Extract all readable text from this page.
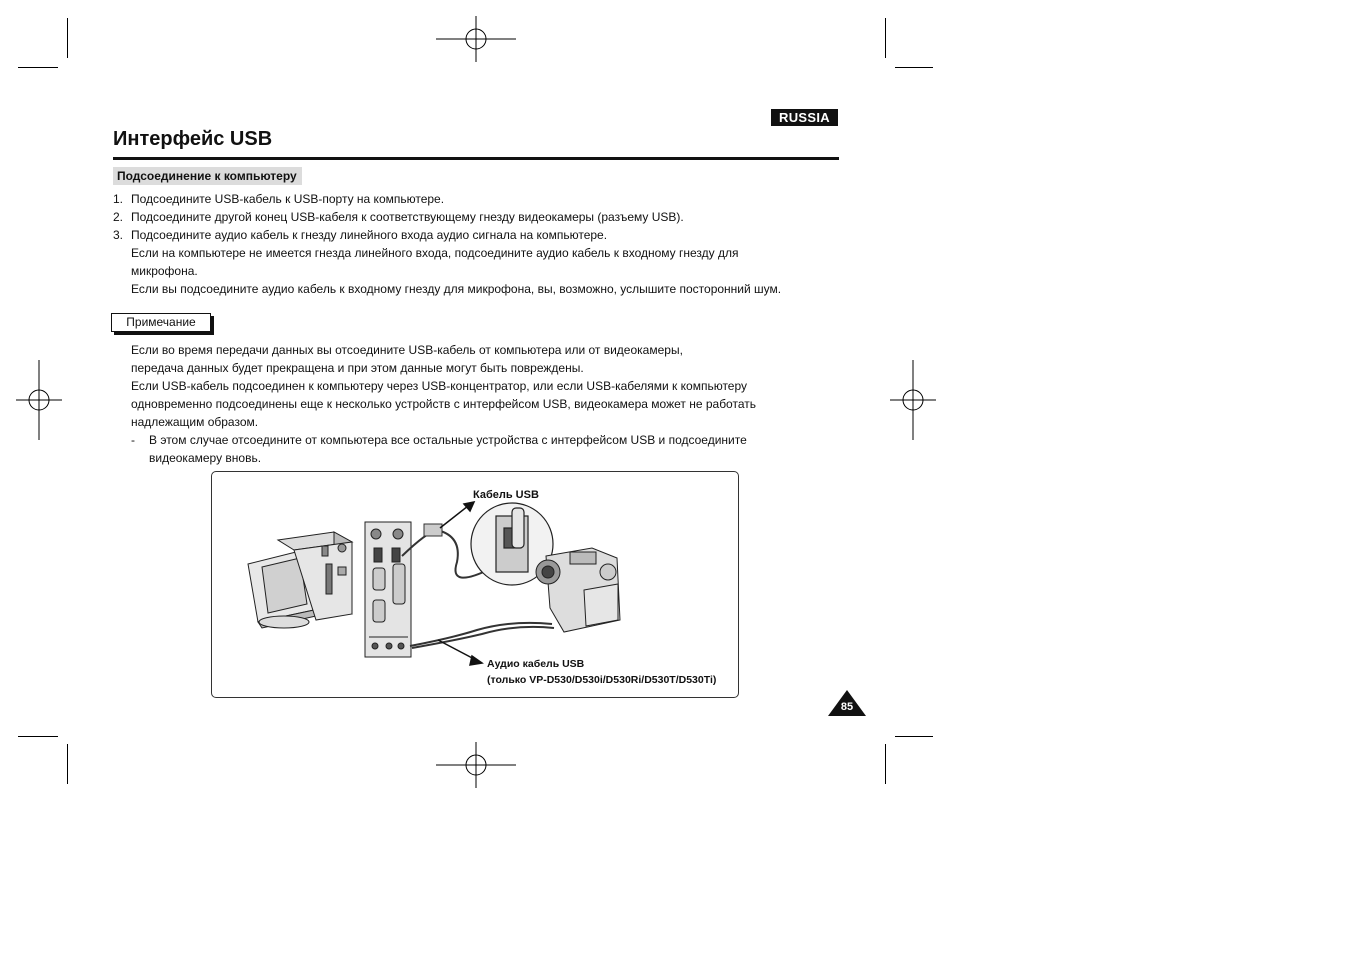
RUSSIA
Интерфейс USB
Подсоединение к компьютеру
1. Подсоедините USB-кабель к USB-порту на компьютере.
2. Подсоедините другой конец USB-кабеля к соответствующему гнезду видеокамеры (разъему USB).
3. Подсоедините аудио кабель к гнезду линейного входа аудио сигнала на компьютере.
Если на компьютере не имеется гнезда линейного входа, подсоедините аудио кабель к входному гнезду для
микрофона.
Если вы подсоедините аудио кабель к входному гнезду для микрофона, вы, возможно, услышите посторонний шум.
Примечание
Если во время передачи данных вы отсоедините USB-кабель от компьютера или от видеокамеры,
передача данных будет прекращена и при этом данные могут быть повреждены.
Если USB-кабель подсоединен к компьютеру через USB-концентратор, или если USB-кабелями к компьютеру
одновременно подсоединены еще к несколько устройств с интерфейсом USB, видеокамера может не работать
надлежащим образом.
- В этом случае отсоедините от компьютера все остальные устройства с интерфейсом USB и подсоедините
видеокамеру вновь.
Кабель USB
Аудио кабель USB
(только VP-D530/D530i/D530Ri/D530T/D530Ti)
85
